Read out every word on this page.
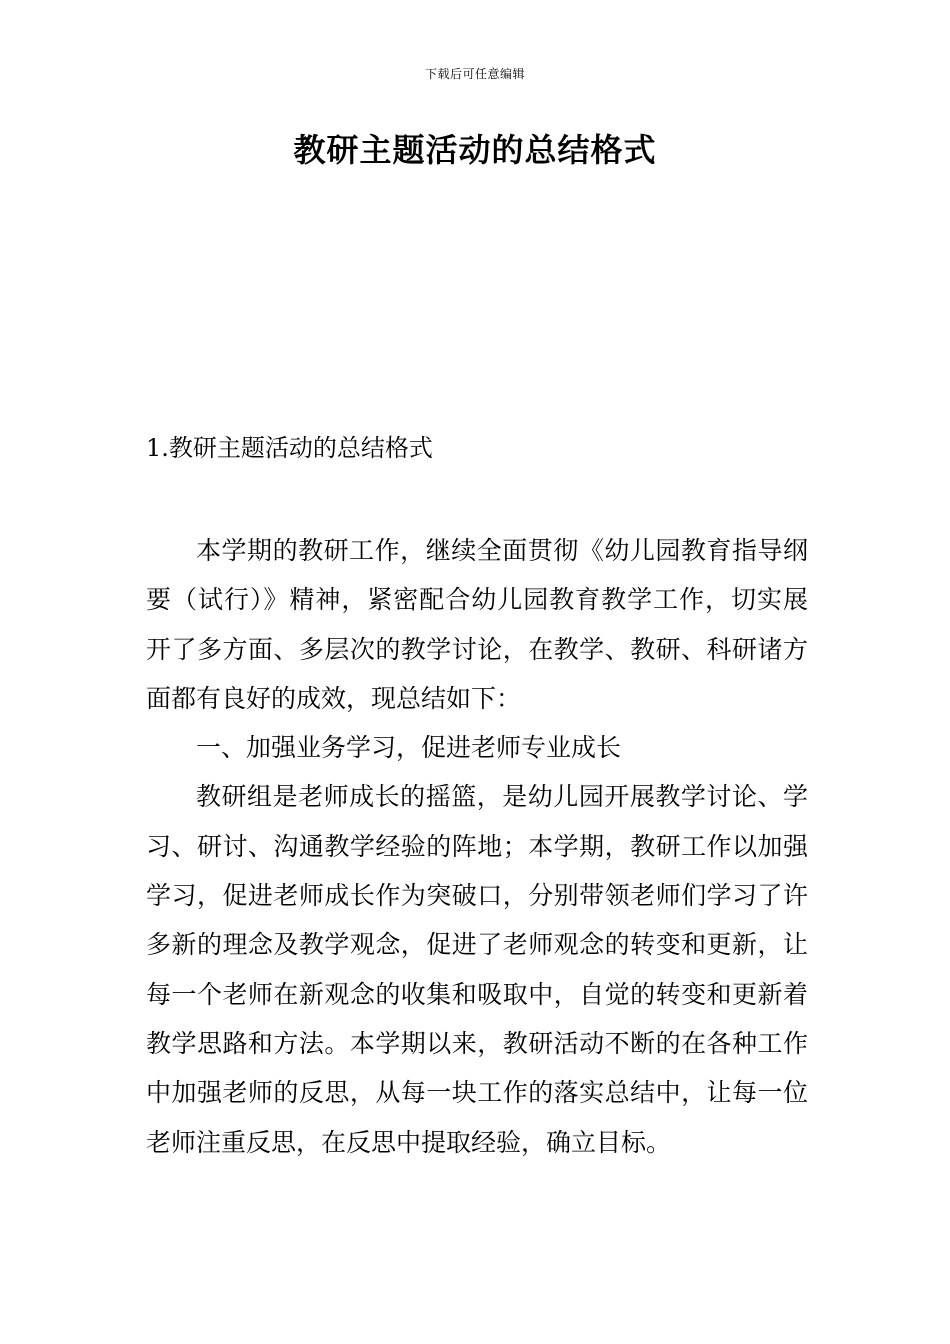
下载后可任意编辑
教研主题活动的总结格式
1.教研主题活动的总结格式

本学期的教研工作，继续全面贯彻《幼儿园教育指导纲要（试行）》精神，紧密配合幼儿园教育教学工作，切实展开了多方面、多层次的教学讨论，在教学、教研、科研诸方面都有良好的成效，现总结如下：

一、加强业务学习，促进老师专业成长

教研组是老师成长的摇篮，是幼儿园开展教学讨论、学习、研讨、沟通教学经验的阵地；本学期，教研工作以加强学习，促进老师成长作为突破口，分别带领老师们学习了许多新的理念及教学观念，促进了老师观念的转变和更新，让每一个老师在新观念的收集和吸取中，自觉的转变和更新着教学思路和方法。本学期以来，教研活动不断的在各种工作中加强老师的反思，从每一块工作的落实总结中，让每一位老师注重反思，在反思中提取经验，确立目标。
